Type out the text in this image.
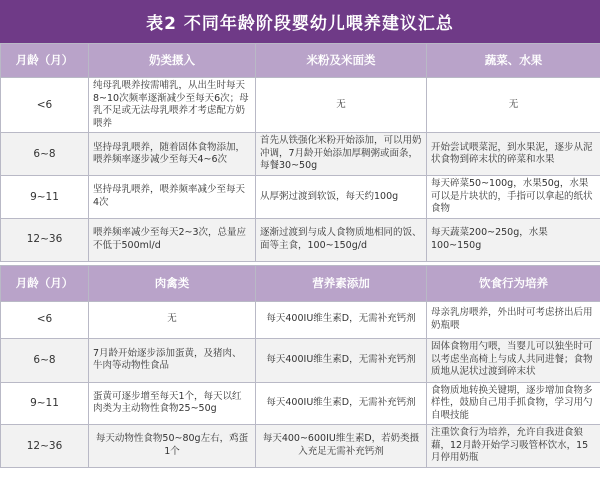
表2 不同年龄阶段婴幼儿喂养建议汇总
月龄（月）	奶类摄入	米粉及米面类	蔬菜、水果
<6	纯母乳喂养按需哺乳，从出生时每天8~10次频率逐渐减少至每天6次；母乳不足或无法母乳喂养才考虑配方奶喂养	无	无
6~8	坚持母乳喂养，随着固体食物添加，喂养频率逐步减少至每天4~6次	首先从铁强化米粉开始添加，可以用奶冲调，7月龄开始添加厚稠粥或面条，每餐30~50g	开始尝试喂菜泥，到水果泥，逐步从泥状食物到碎末状的碎菜和水果
9~11	坚持母乳喂养，喂养频率减少至每天4次	从厚粥过渡到软饭，每天约100g	每天碎菜50~100g，水果50g，水果可以是片块状的，手指可以拿起的纸状食物
12~36	喂养频率减少至每天2~3次，总量应不低于500ml/d	逐渐过渡到与成人食物质地相同的饭、面等主食，100~150g/d	每天蔬菜200~250g，水果100~150g
月龄（月）	肉禽类	营养素添加	饮食行为培养
<6	无	每天400IU维生素D，无需补充钙剂	母亲乳房喂养，外出时可考虑挤出后用奶瓶喂
6~8	7月龄开始逐步添加蛋黄，及猪肉、牛肉等动物性食品	每天400IU维生素D，无需补充钙剂	固体食物用勺喂，当婴儿可以独坐时可以考虑坐高椅上与成人共同进餐；食物质地从泥状过渡到碎末状
9~11	蛋黄可逐步增至每天1个，每天以红肉类为主动物性食物25~50g	每天400IU维生素D，无需补充钙剂	食物质地转换关键期，逐步增加食物多样性，鼓励自己用手抓食物，学习用勺自喂技能
12~36	每天动物性食物50~80g左右，鸡蛋1个	每天400~600IU维生素D，若奶类摄入充足无需补充钙剂	注重饮食行为培养，允许自我进食狼藉，12月龄开始学习吸管杯饮水，15月停用奶瓶
